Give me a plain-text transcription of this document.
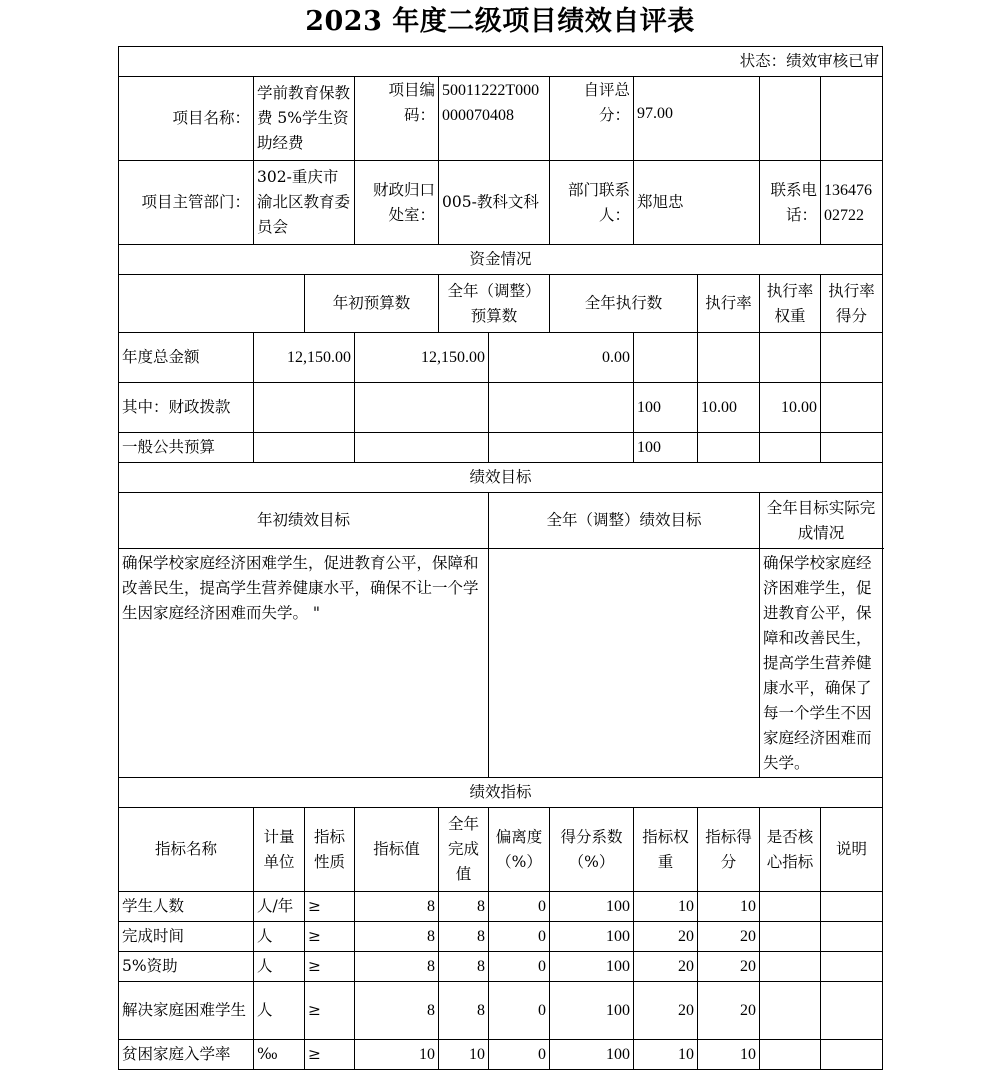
2023 年度二级项目绩效自评表
状态：绩效审核已审										
项目名称：	学前教育保教费 5%学生资助经费		项目编码：	50011222T000000070408		自评总分：	97.00			
项目主管部门：	302-重庆市渝北区教育委员会		财政归口处室：	005-教科文科		部门联系人：	郑旭忠		联系电话：	13647602722
资金情况										
		年初预算数		全年（调整）预算数		全年执行数		执行率	执行率权重	执行率得分
年度总金额	12,150.00		12,150.00		0.00					
其中：财政拨款							100	10.00	10.00	
一般公共预算							100			
绩效目标										
年初绩效目标					全年（调整）绩效目标				全年目标实际完成情况	
确保学校家庭经济困难学生，促进教育公平，保障和改善民生，提高学生营养健康水平，确保不让一个学生因家庭经济困难而失学。 "									确保学校家庭经济困难学生，促进教育公平，保障和改善民生，提高学生营养健康水平，确保了每一个学生不因家庭经济困难而失学。	
绩效指标										
指标名称	计量单位	指标性质	指标值	全年完成值	偏离度（%）	得分系数（%）	指标权重	指标得分	是否核心指标	说明
学生人数	人/年	≥	8	8	0	100	10	10		
完成时间	人	≥	8	8	0	100	20	20		
5%资助	人	≥	8	8	0	100	20	20		
解决家庭困难学生	人	≥	8	8	0	100	20	20		
贫困家庭入学率	‰	≥	10	10	0	100	10	10		
